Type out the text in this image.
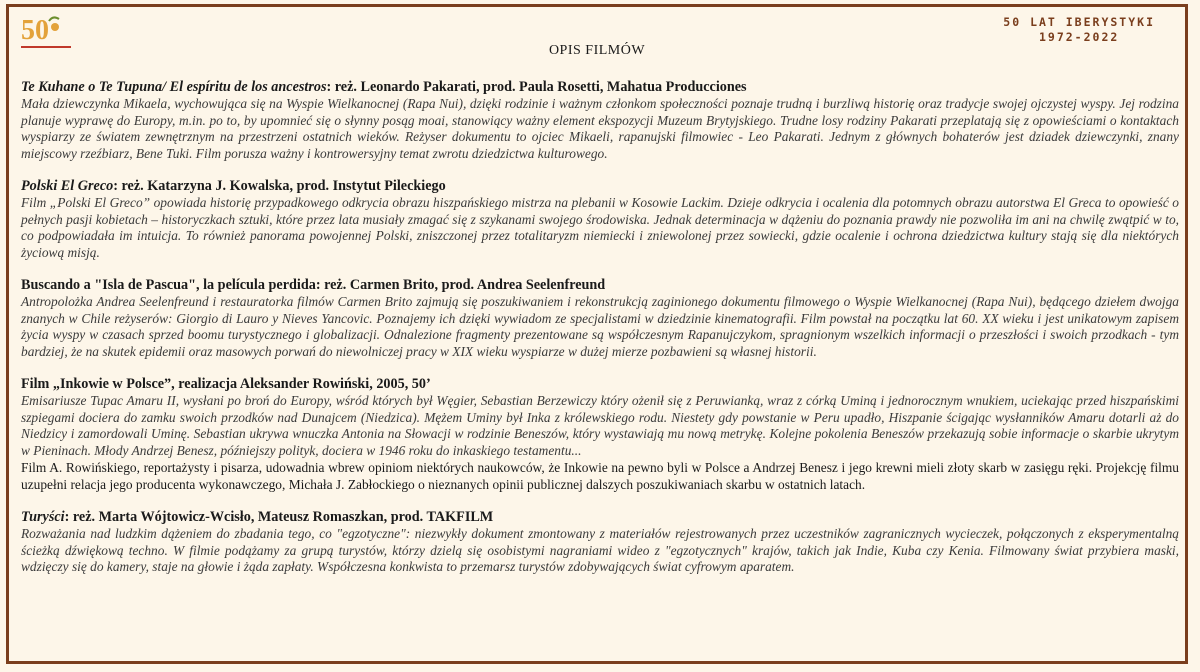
50	50 LAT IBERYSTYKI
1972-2022
OPIS FILMÓW
Te Kuhane o Te Tupuna/ El espíritu de los ancestros: reż. Leonardo Pakarati, prod. Paula Rosetti, Mahatua Producciones
Mała dziewczynka Mikaela, wychowująca się na Wyspie Wielkanocnej (Rapa Nui), dzięki rodzinie i ważnym członkom społeczności poznaje trudną i burzliwą historię oraz tradycje swojej ojczystej wyspy. Jej rodzina planuje wyprawę do Europy, m.in. po to, by upomnieć się o słynny posąg moai, stanowiący ważny element ekspozycji Muzeum Brytyjskiego. Trudne losy rodziny Pakarati przeplatają się z opowieściami o kontaktach wyspiarzy ze światem zewnętrznym na przestrzeni ostatnich wieków. Reżyser dokumentu to ojciec Mikaeli, rapanujski filmowiec - Leo Pakarati. Jednym z głównych bohaterów jest dziadek dziewczynki, znany miejscowy rzeźbiarz, Bene Tuki. Film porusza ważny i kontrowersyjny temat zwrotu dziedzictwa kulturowego.
Polski El Greco: reż. Katarzyna J. Kowalska, prod. Instytut Pileckiego
Film „Polski El Greco” opowiada historię przypadkowego odkrycia obrazu hiszpańskiego mistrza na plebanii w Kosowie Lackim. Dzieje odkrycia i ocalenia dla potomnych obrazu autorstwa El Greca to opowieść o pełnych pasji kobietach – historyczkach sztuki, które przez lata musiały zmagać się z szykanami swojego środowiska. Jednak determinacja w dążeniu do poznania prawdy nie pozwoliła im ani na chwilę zwątpić w to, co podpowiadała im intuicja. To również panorama powojennej Polski, zniszczonej przez totalitaryzm niemiecki i zniewolonej przez sowiecki, gdzie ocalenie i ochrona dziedzictwa kultury stają się dla niektórych życiową misją.
Buscando a "Isla de Pascua", la película perdida: reż. Carmen Brito, prod. Andrea Seelenfreund
Antropolożka Andrea Seelenfreund i restauratorka filmów Carmen Brito zajmują się poszukiwaniem i rekonstrukcją zaginionego dokumentu filmowego o Wyspie Wielkanocnej (Rapa Nui), będącego dziełem dwojga znanych w Chile reżyserów: Giorgio di Lauro y Nieves Yancovic. Poznajemy ich dzięki wywiadom ze specjalistami w dziedzinie kinematografii. Film powstał na początku lat 60. XX wieku i jest unikatowym zapisem życia wyspy w czasach sprzed boomu turystycznego i globalizacji. Odnalezione fragmenty prezentowane są współczesnym Rapanujczykom, spragnionym wszelkich informacji o przeszłości i swoich przodkach - tym bardziej, że na skutek epidemii oraz masowych porwań do niewolniczej pracy w XIX wieku wyspiarze w dużej mierze pozbawieni są własnej historii.
Film „Inkowie w Polsce”, realizacja Aleksander Rowiński, 2005, 50’
Emisariusze Tupac Amaru II, wysłani po broń do Europy, wśród których był Węgier, Sebastian Berzewiczy który ożenił się z Peruwianką, wraz z córką Uminą i jednorocznym wnukiem, uciekając przed hiszpańskimi szpiegami dociera do zamku swoich przodków nad Dunajcem (Niedzica). Mężem Uminy był Inka z królewskiego rodu. Niestety gdy powstanie w Peru upadło, Hiszpanie ścigając wysłanników Amaru dotarli aż do Niedzicy i zamordowali Uminę. Sebastian ukrywa wnuczka Antonia na Słowacji w rodzinie Beneszów, który wystawiają mu nową metrykę. Kolejne pokolenia Beneszów przekazują sobie informacje o skarbie ukrytym w Pieninach. Młody Andrzej Benesz, późniejszy polityk, dociera w 1946 roku do inkaskiego testamentu...
Film A. Rowińskiego, reportażysty i pisarza, udowadnia wbrew opiniom niektórych naukowców, że Inkowie na pewno byli w Polsce a Andrzej Benesz i jego krewni mieli złoty skarb w zasięgu ręki. Projekcję filmu uzupełni relacja jego producenta wykonawczego, Michała J. Zabłockiego o nieznanych opinii publicznej dalszych poszukiwaniach skarbu w ostatnich latach.
Turyści: reż. Marta Wójtowicz-Wcisło, Mateusz Romaszkan, prod. TAKFILM
Rozważania nad ludzkim dążeniem do zbadania tego, co "egzotyczne": niezwykły dokument zmontowany z materiałów rejestrowanych przez uczestników zagranicznych wycieczek, połączonych z eksperymentalną ścieżką dźwiękową techno. W filmie podążamy za grupą turystów, którzy dzielą się osobistymi nagraniami wideo z "egzotycznych" krajów, takich jak Indie, Kuba czy Kenia. Filmowany świat przybiera maski, wdzięczy się do kamery, staje na głowie i żąda zapłaty. Współczesna konkwista to przemarsz turystów zdobywających świat cyfrowym aparatem.
